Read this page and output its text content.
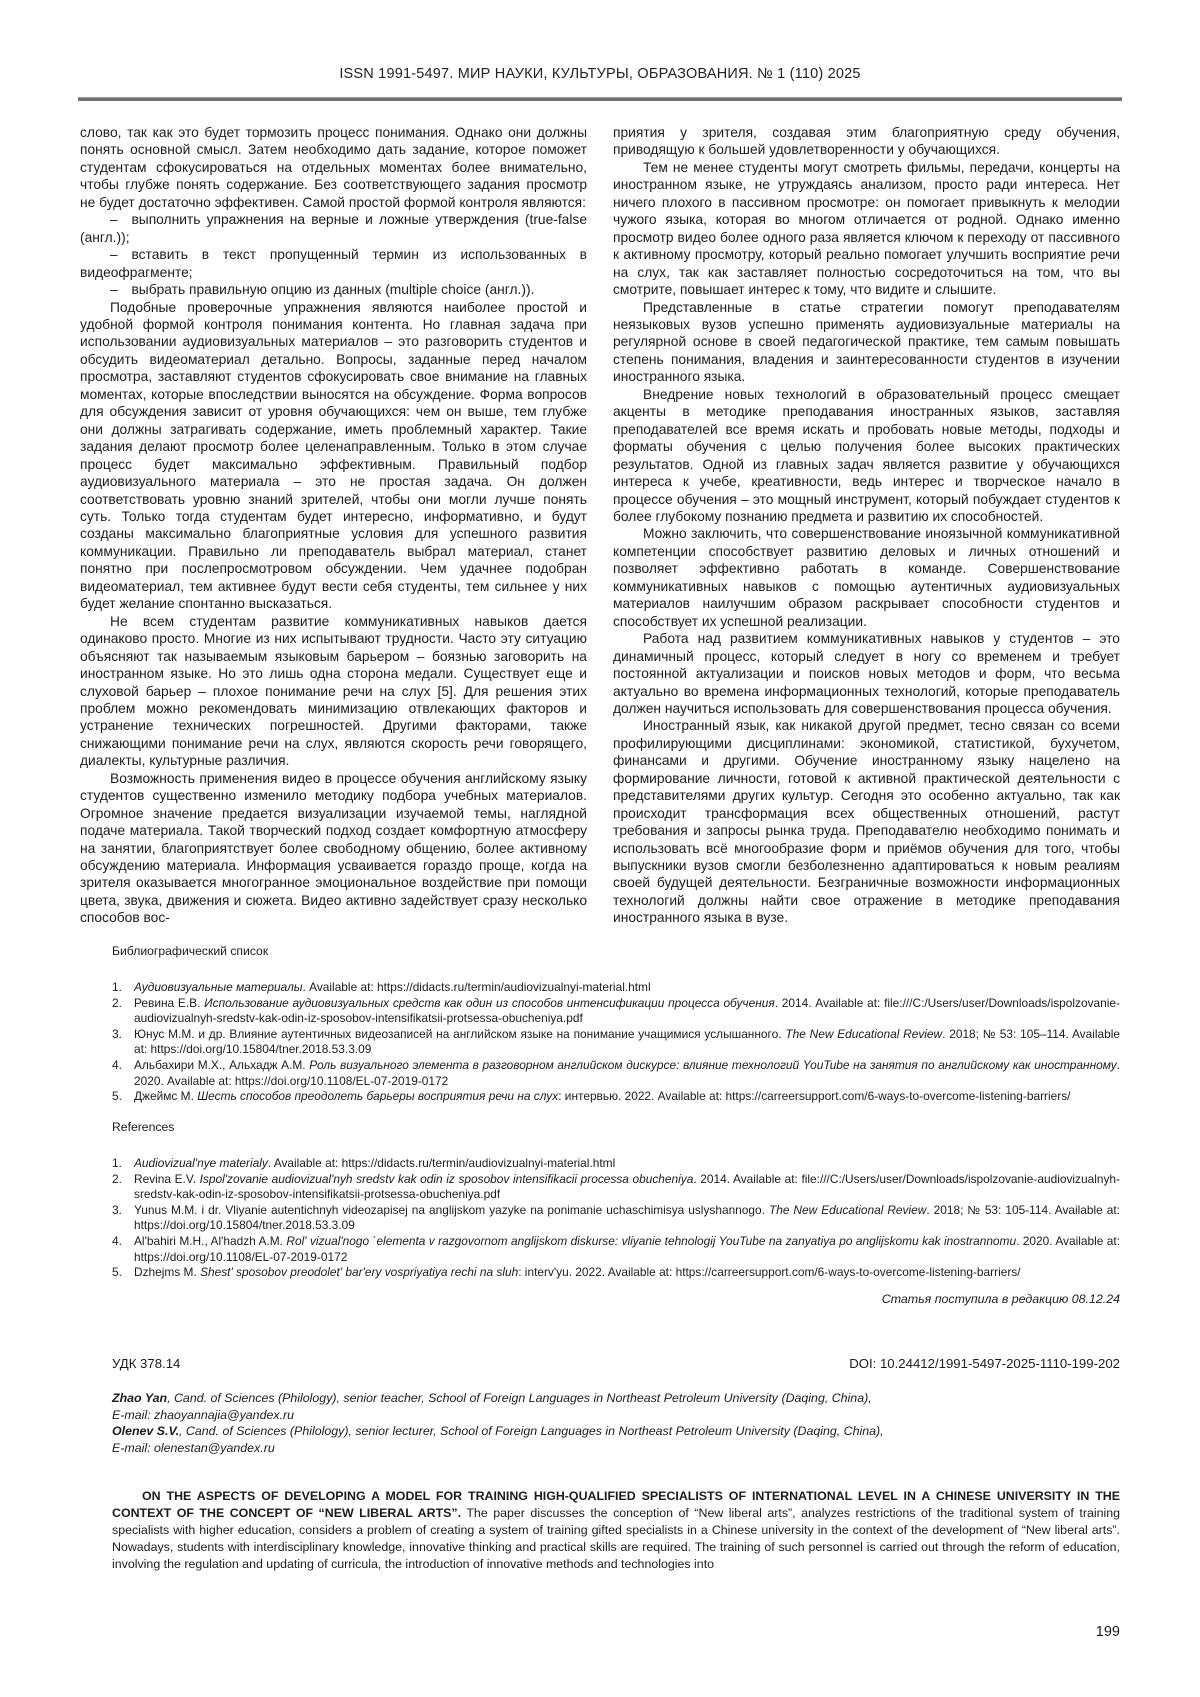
ISSN 1991-5497. МИР НАУКИ, КУЛЬТУРЫ, ОБРАЗОВАНИЯ. № 1 (110) 2025

слово, так как это будет тормозить процесс понимания. Однако они должны понять основной смысл. Затем необходимо дать задание, которое поможет студентам сфокусироваться на отдельных моментах более внимательно, чтобы глубже понять содержание. Без соответствующего задания просмотр не будет достаточно эффективен. Самой простой формой контроля являются:

– выполнить упражнения на верные и ложные утверждения (true-false (англ.));

– вставить в текст пропущенный термин из использованных в видеофрагменте;

– выбрать правильную опцию из данных (multiple choice (англ.)).

Подобные проверочные упражнения являются наиболее простой и удобной формой контроля понимания контента. Но главная задача при использовании аудиовизуальных материалов – это разговорить студентов и обсудить видеоматериал детально. Вопросы, заданные перед началом просмотра, заставляют студентов сфокусировать свое внимание на главных моментах, которые впоследствии выносятся на обсуждение. Форма вопросов для обсуждения зависит от уровня обучающихся: чем он выше, тем глубже они должны затрагивать содержание, иметь проблемный характер. Такие задания делают просмотр более целенаправленным. Только в этом случае процесс будет максимально эффективным. Правильный подбор аудиовизуального материала – это не простая задача. Он должен соответствовать уровню знаний зрителей, чтобы они могли лучше понять суть. Только тогда студентам будет интересно, информативно, и будут созданы максимально благоприятные условия для успешного развития коммуникации. Правильно ли преподаватель выбрал материал, станет понятно при послепросмотровом обсуждении. Чем удачнее подобран видеоматериал, тем активнее будут вести себя студенты, тем сильнее у них будет желание спонтанно высказаться.

Не всем студентам развитие коммуникативных навыков дается одинаково просто. Многие из них испытывают трудности. Часто эту ситуацию объясняют так называемым языковым барьером – боязнью заговорить на иностранном языке. Но это лишь одна сторона медали. Существует еще и слуховой барьер – плохое понимание речи на слух [5]. Для решения этих проблем можно рекомендовать минимизацию отвлекающих факторов и устранение технических погрешностей. Другими факторами, также снижающими понимание речи на слух, являются скорость речи говорящего, диалекты, культурные различия.

Возможность применения видео в процессе обучения английскому языку студентов существенно изменило методику подбора учебных материалов. Огромное значение предается визуализации изучаемой темы, наглядной подаче материала. Такой творческий подход создает комфортную атмосферу на занятии, благоприятствует более свободному общению, более активному обсуждению материала. Информация усваивается гораздо проще, когда на зрителя оказывается многогранное эмоциональное воздействие при помощи цвета, звука, движения и сюжета. Видео активно задействует сразу несколько способов вос-

приятия у зрителя, создавая этим благоприятную среду обучения, приводящую к большей удовлетворенности у обучающихся.

Тем не менее студенты могут смотреть фильмы, передачи, концерты на иностранном языке, не утруждаясь анализом, просто ради интереса. Нет ничего плохого в пассивном просмотре: он помогает привыкнуть к мелодии чужого языка, которая во многом отличается от родной. Однако именно просмотр видео более одного раза является ключом к переходу от пассивного к активному просмотру, который реально помогает улучшить восприятие речи на слух, так как заставляет полностью сосредоточиться на том, что вы смотрите, повышает интерес к тому, что видите и слышите.

Представленные в статье стратегии помогут преподавателям неязыковых вузов успешно применять аудиовизуальные материалы на регулярной основе в своей педагогической практике, тем самым повышать степень понимания, владения и заинтересованности студентов в изучении иностранного языка.

Внедрение новых технологий в образовательный процесс смещает акценты в методике преподавания иностранных языков, заставляя преподавателей все время искать и пробовать новые методы, подходы и форматы обучения с целью получения более высоких практических результатов. Одной из главных задач является развитие у обучающихся интереса к учебе, креативности, ведь интерес и творческое начало в процессе обучения – это мощный инструмент, который побуждает студентов к более глубокому познанию предмета и развитию их способностей.

Можно заключить, что совершенствование иноязычной коммуникативной компетенции способствует развитию деловых и личных отношений и позволяет эффективно работать в команде. Совершенствование коммуникативных навыков с помощью аутентичных аудиовизуальных материалов наилучшим образом раскрывает способности студентов и способствует их успешной реализации.

Работа над развитием коммуникативных навыков у студентов – это динамичный процесс, который следует в ногу со временем и требует постоянной актуализации и поисков новых методов и форм, что весьма актуально во времена информационных технологий, которые преподаватель должен научиться использовать для совершенствования процесса обучения.

Иностранный язык, как никакой другой предмет, тесно связан со всеми профилирующими дисциплинами: экономикой, статистикой, бухучетом, финансами и другими. Обучение иностранному языку нацелено на формирование личности, готовой к активной практической деятельности с представителями других культур. Сегодня это особенно актуально, так как происходит трансформация всех общественных отношений, растут требования и запросы рынка труда. Преподавателю необходимо понимать и использовать всё многообразие форм и приёмов обучения для того, чтобы выпускники вузов смогли безболезненно адаптироваться к новым реалиям своей будущей деятельности. Безграничные возможности информационных технологий должны найти свое отражение в методике преподавания иностранного языка в вузе.

Библиографический список
1. Аудиовизуальные материалы. Available at: https://didacts.ru/termin/audiovizualnyi-material.html
2. Ревина Е.В. Использование аудиовизуальных средств как один из способов интенсификации процесса обучения. 2014. Available at: file:///C:/Users/user/Downloads/ispolzovanie-audiovizualnyh-sredstv-kak-odin-iz-sposobov-intensifikatsii-protsessa-obucheniya.pdf
3. Юнус М.М. и др. Влияние аутентичных видеозаписей на английском языке на понимание учащимися услышанного. The New Educational Review. 2018; № 53: 105–114. Available at: https://doi.org/10.15804/tner.2018.53.3.09
4. Альбахири М.Х., Альхадж А.М. Роль визуального элемента в разговорном английском дискурсе: влияние технологий YouTube на занятия по английскому как иностранному. 2020. Available at: https://doi.org/10.1108/EL-07-2019-0172
5. Джеймс М. Шесть способов преодолеть барьеры восприятия речи на слух: интервью. 2022. Available at: https://carreersupport.com/6-ways-to-overcome-listening-barriers/
References
1. Audiovizual'nye materialy. Available at: https://didacts.ru/termin/audiovizualnyi-material.html
2. Revina E.V. Ispol'zovanie audiovizual'nyh sredstv kak odin iz sposobov intensifikacii processa obucheniya. 2014. Available at: file:///C:/Users/user/Downloads/ispolzovanie-audiovizualnyh-sredstv-kak-odin-iz-sposobov-intensifikatsii-protsessa-obucheniya.pdf
3. Yunus M.M. i dr. Vliyanie autentichnyh videozapisej na anglijskom yazyke na ponimanie uchaschimisya uslyshannogo. The New Educational Review. 2018; № 53: 105-114. Available at: https://doi.org/10.15804/tner.2018.53.3.09
4. Al'bahiri M.H., Al'hadzh A.M. Rol' vizual'nogo `elementa v razgovornom anglijskom diskurse: vliyanie tehnologij YouTube na zanyatiya po anglijskomu kak inostrannomu. 2020. Available at: https://doi.org/10.1108/EL-07-2019-0172
5. Dzhejms M. Shest' sposobov preodolet' bar'ery vospriyatiya rechi na sluh: interv'yu. 2022. Available at: https://carreersupport.com/6-ways-to-overcome-listening-barriers/
Статья поступила в редакцию 08.12.24
УДК 378.14	DOI: 10.24412/1991-5497-2025-1110-199-202
Zhao Yan, Cand. of Sciences (Philology), senior teacher, School of Foreign Languages in Northeast Petroleum University (Daqing, China),
E-mail: zhaoyannajia@yandex.ru
Olenev S.V., Cand. of Sciences (Philology), senior lecturer, School of Foreign Languages in Northeast Petroleum University (Daqing, China),
E-mail: olenestan@yandex.ru
ON THE ASPECTS OF DEVELOPING A MODEL FOR TRAINING HIGH-QUALIFIED SPECIALISTS OF INTERNATIONAL LEVEL IN A CHINESE UNIVERSITY IN THE CONTEXT OF THE CONCEPT OF “NEW LIBERAL ARTS”. The paper discusses the conception of “New liberal arts”, analyzes restrictions of the traditional system of training specialists with higher education, considers a problem of creating a system of training gifted specialists in a Chinese university in the context of the development of “New liberal arts”. Nowadays, students with interdisciplinary knowledge, innovative thinking and practical skills are required. The training of such personnel is carried out through the reform of education, involving the regulation and updating of curricula, the introduction of innovative methods and technologies into
199
